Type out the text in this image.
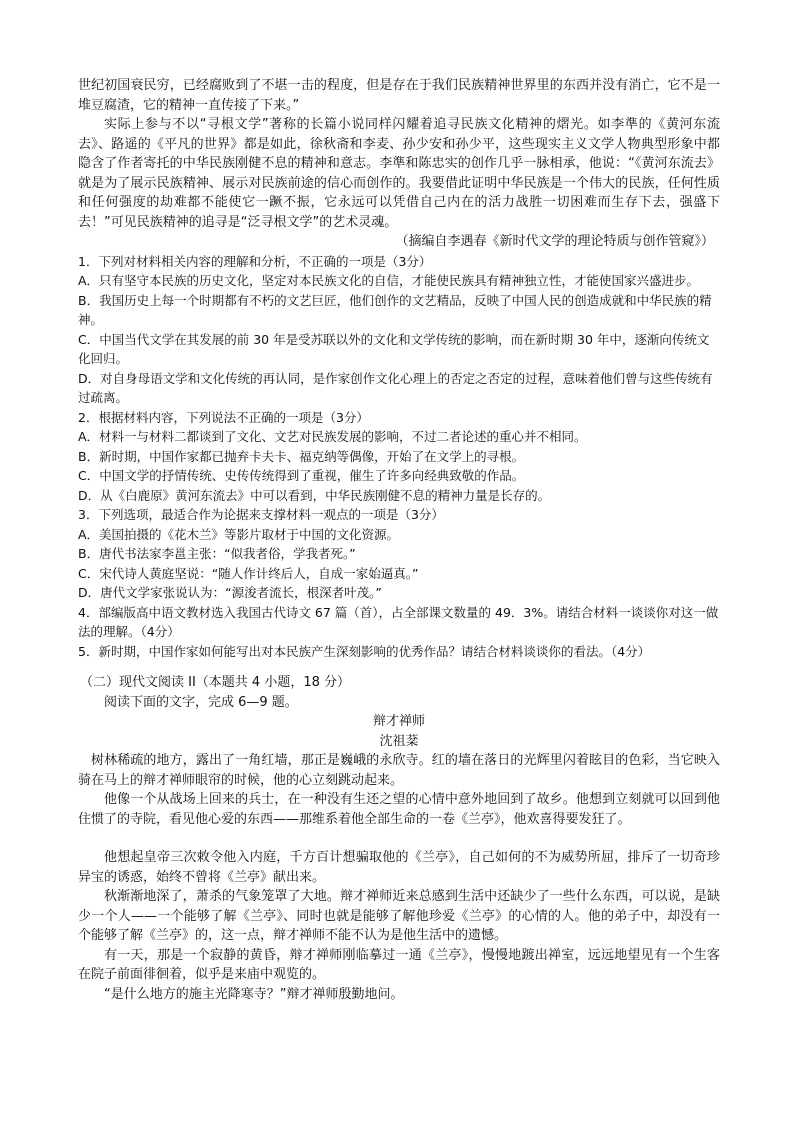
世纪初国衰民穷，已经腐败到了不堪一击的程度，但是存在于我们民族精神世界里的东西并没有消亡，它不是一堆豆腐渣，它的精神一直传接了下来。”

实际上参与不以“寻根文学”著称的长篇小说同样闪耀着追寻民族文化精神的熠光。如李準的《黄河东流去》、路遥的《平凡的世界》都是如此，徐秋斋和李麦、孙少安和孙少平，这些现实主义文学人物典型形象中都隐含了作者寄托的中华民族刚健不息的精神和意志。李準和陈忠实的创作几乎一脉相承，他说：“《黄河东流去》就是为了展示民族精神、展示对民族前途的信心而创作的。我要借此证明中华民族是一个伟大的民族，任何性质和任何强度的劫难都不能使它一蹶不振，它永远可以凭借自己内在的活力战胜一切困难而生存下去，强盛下去！”可见民族精神的追寻是“泛寻根文学”的艺术灵魂。

（摘编自李遇春《新时代文学的理论特质与创作管窥》）

1．下列对材料相关内容的理解和分析，不正确的一项是（3分）

A．只有坚守本民族的历史文化，坚定对本民族文化的自信，才能使民族具有精神独立性，才能使国家兴盛进步。

B．我国历史上每一个时期都有不朽的文艺巨匠，他们创作的文艺精品，反映了中国人民的创造成就和中华民族的精神。

C．中国当代文学在其发展的前 30 年是受苏联以外的文化和文学传统的影响，而在新时期 30 年中，逐渐向传统文化回归。

D．对自身母语文学和文化传统的再认同，是作家创作文化心理上的否定之否定的过程，意味着他们曾与这些传统有过疏离。

2．根据材料内容，下列说法不正确的一项是（3分）

A．材料一与材料二都谈到了文化、文艺对民族发展的影响，不过二者论述的重心并不相同。

B．新时期，中国作家都已抛弃卡夫卡、福克纳等偶像，开始了在文学上的寻根。

C．中国文学的抒情传统、史传传统得到了重视，催生了许多向经典致敬的作品。

D．从《白鹿原》黄河东流去》中可以看到，中华民族刚健不息的精神力量是长存的。

3．下列选项，最适合作为论据来支撑材料一观点的一项是（3分）

A．美国拍摄的《花木兰》等影片取材于中国的文化资源。

B．唐代书法家李邕主张：“似我者俗，学我者死。”

C．宋代诗人黄庭坚说：“随人作计终后人，自成一家始逼真。”

D．唐代文学家张说认为：“源浚者流长，根深者叶茂。”

4．部编版高中语文教材选入我国古代诗文 67 篇（首），占全部课文数量的 49．3%。请结合材料一谈谈你对这一做法的理解。（4分）

5．新时期，中国作家如何能写出对本民族产生深刻影响的优秀作品？请结合材料谈谈你的看法。（4分）

（二）现代文阅读 II（本题共 4 小题，18 分）

阅读下面的文字，完成 6—9 题。

辩才禅师

沈祖棻

树林稀疏的地方，露出了一角红墙，那正是巍峨的永欣寺。红的墙在落日的光辉里闪着眩目的色彩，当它映入骑在马上的辩才禅师眼帘的时候，他的心立刻跳动起来。

他像一个从战场上回来的兵士，在一种没有生还之望的心情中意外地回到了故乡。他想到立刻就可以回到他住惯了的寺院，看见他心爱的东西——那维系着他全部生命的一卷《兰亭》，他欢喜得要发狂了。

他想起皇帝三次敕令他入内庭，千方百计想骗取他的《兰亭》，自己如何的不为威势所屈，排斥了一切奇珍异宝的诱惑，始终不曾将《兰亭》献出来。

秋渐渐地深了，萧杀的气象笼罩了大地。辩才禅师近来总感到生活中还缺少了一些什么东西，可以说，是缺少一个人——一个能够了解《兰亭》、同时也就是能够了解他珍爱《兰亭》的心情的人。他的弟子中，却没有一个能够了解《兰亭》的，这一点，辩才禅师不能不认为是他生活中的遗憾。

有一天，那是一个寂静的黄昏，辩才禅师刚临摹过一通《兰亭》，慢慢地踱出禅室，远远地望见有一个生客在院子前面徘徊着，似乎是来庙中观览的。

“是什么地方的施主光降寒寺？”辩才禅师殷勤地问。
